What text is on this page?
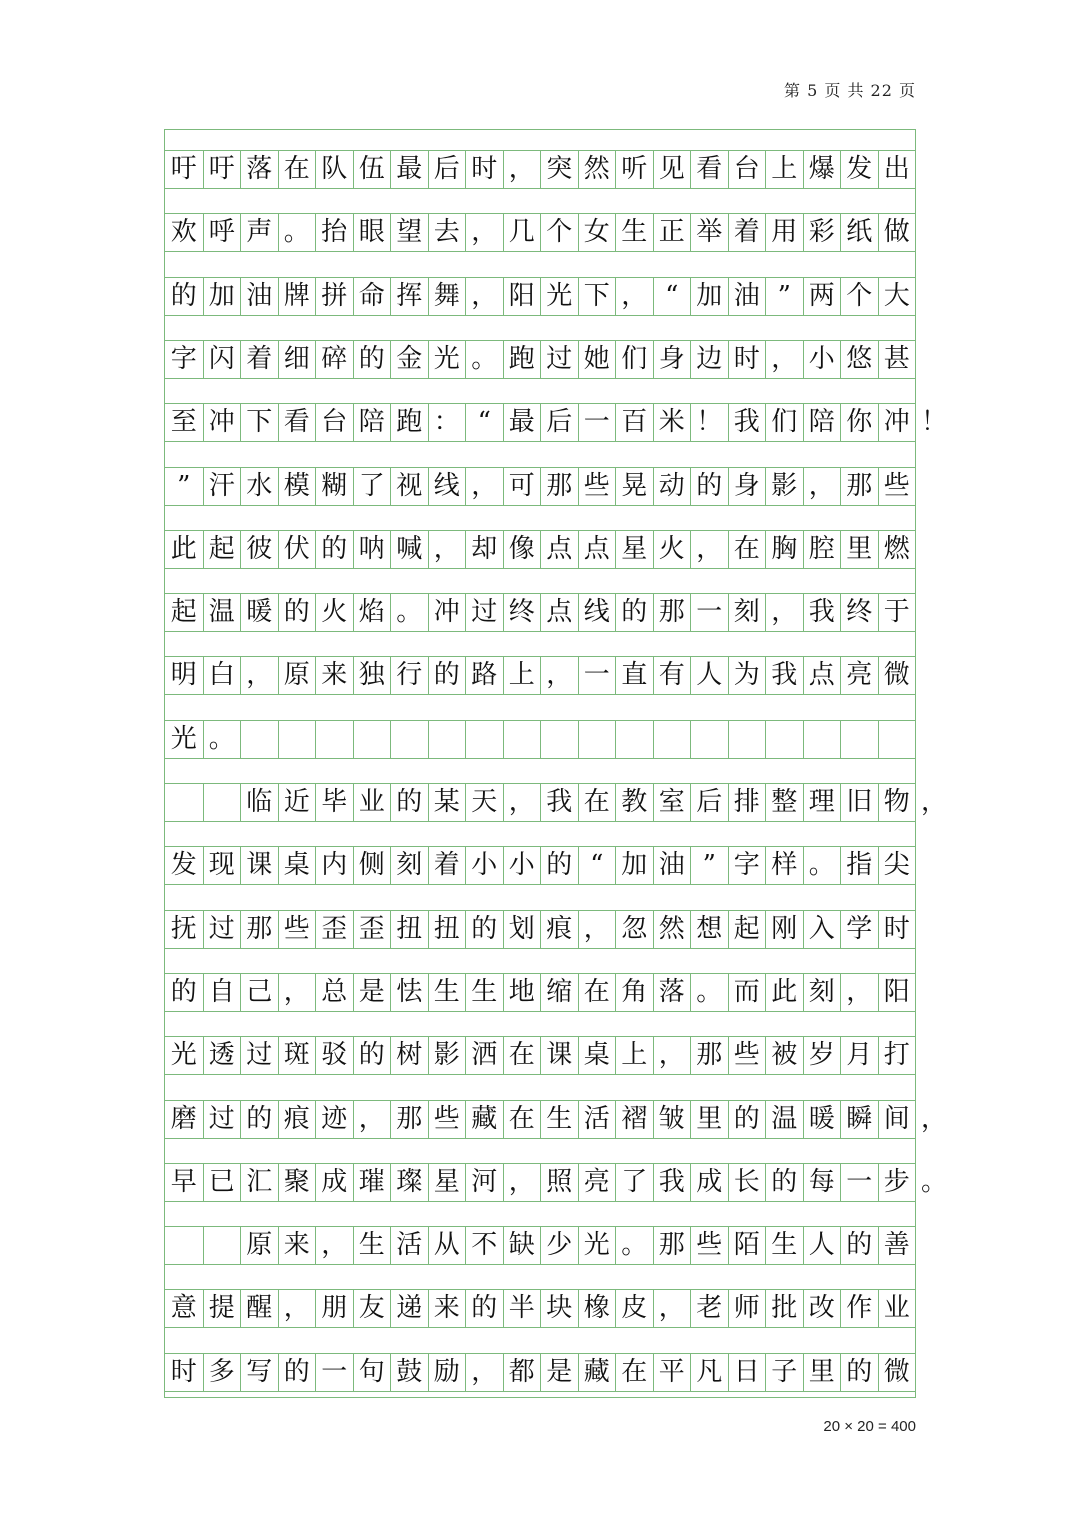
第 5 页 共 22 页
吁 吁 落 在 队 伍 最 后 时 ， 突 然 听 见 看 台 上 爆 发 出
欢 呼 声 。 抬 眼 望 去 ， 几 个 女 生 正 举 着 用 彩 纸 做
的 加 油 牌 拼 命 挥 舞 ， 阳 光 下 ， “ 加 油 ” 两 个 大
字 闪 着 细 碎 的 金 光 。 跑 过 她 们 身 边 时 ， 小 悠 甚
至 冲 下 看 台 陪 跑 ： “ 最 后 一 百 米 ！ 我 们 陪 你 冲 ！
” 汗 水 模 糊 了 视 线 ， 可 那 些 晃 动 的 身 影 ， 那 些
此 起 彼 伏 的 呐 喊 ， 却 像 点 点 星 火 ， 在 胸 腔 里 燃
起 温 暖 的 火 焰 。 冲 过 终 点 线 的 那 一 刻 ， 我 终 于
明 白 ， 原 来 独 行 的 路 上 ， 一 直 有 人 为 我 点 亮 微
光 。
临 近 毕 业 的 某 天 ， 我 在 教 室 后 排 整 理 旧 物 ，
发 现 课 桌 内 侧 刻 着 小 小 的 “ 加 油 ” 字 样 。 指 尖
抚 过 那 些 歪 歪 扭 扭 的 划 痕 ， 忽 然 想 起 刚 入 学 时
的 自 己 ， 总 是 怯 生 生 地 缩 在 角 落 。 而 此 刻 ， 阳
光 透 过 斑 驳 的 树 影 洒 在 课 桌 上 ， 那 些 被 岁 月 打
磨 过 的 痕 迹 ， 那 些 藏 在 生 活 褶 皱 里 的 温 暖 瞬 间 ，
早 已 汇 聚 成 璀 璨 星 河 ， 照 亮 了 我 成 长 的 每 一 步 。
原 来 ， 生 活 从 不 缺 少 光 。 那 些 陌 生 人 的 善
意 提 醒 ， 朋 友 递 来 的 半 块 橡 皮 ， 老 师 批 改 作 业
时 多 写 的 一 句 鼓 励 ， 都 是 藏 在 平 凡 日 子 里 的 微
20 × 20 = 400
